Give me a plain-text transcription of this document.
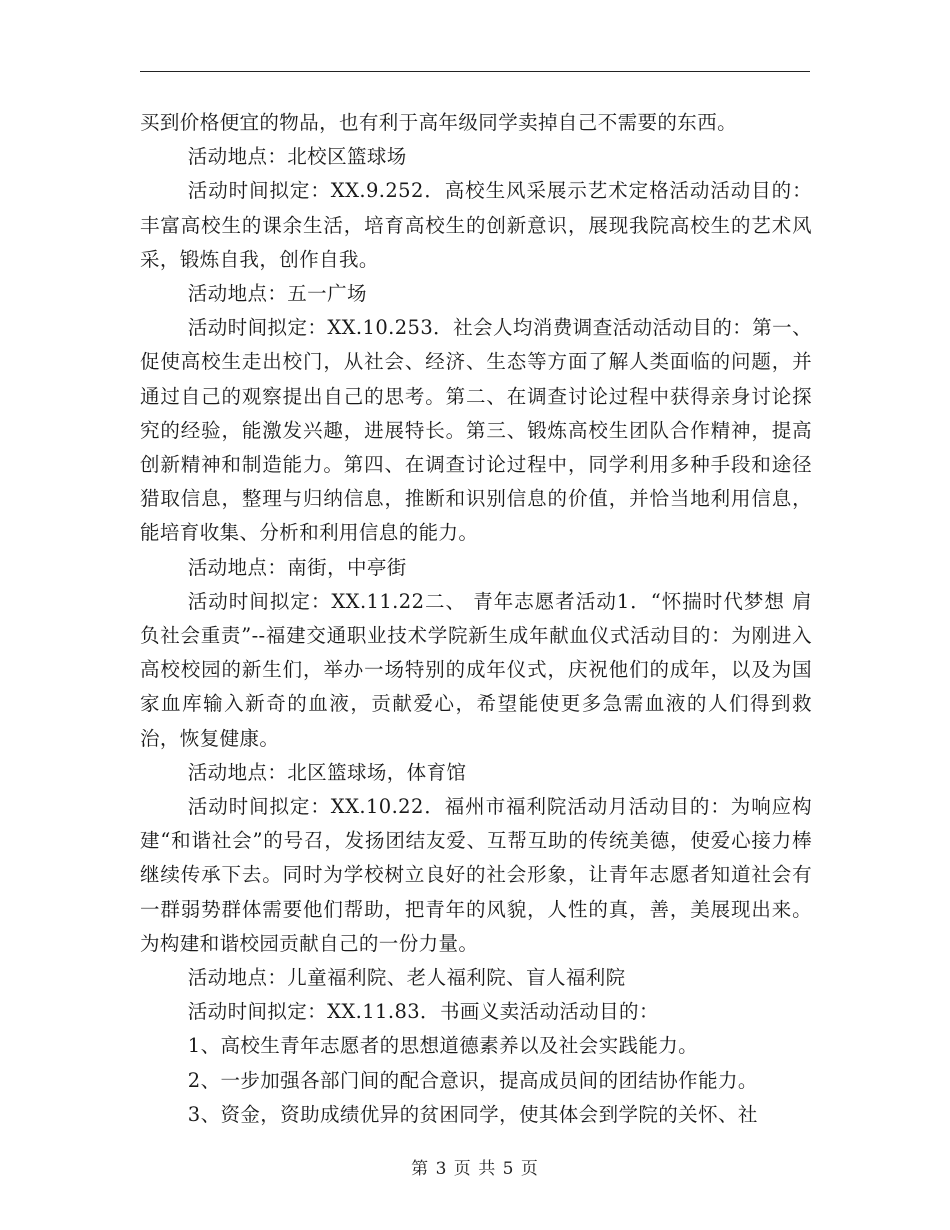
买到价格便宜的物品，也有利于高年级同学卖掉自己不需要的东西。

活动地点：北校区篮球场

活动时间拟定：XX.9.252．高校生风采展示艺术定格活动活动目的：丰富高校生的课余生活，培育高校生的创新意识，展现我院高校生的艺术风采，锻炼自我，创作自我。

活动地点：五一广场

活动时间拟定：XX.10.253．社会人均消费调查活动活动目的：第一、促使高校生走出校门，从社会、经济、生态等方面了解人类面临的问题，并通过自己的观察提出自己的思考。第二、在调查讨论过程中获得亲身讨论探究的经验，能激发兴趣，进展特长。第三、锻炼高校生团队合作精神，提高创新精神和制造能力。第四、在调查讨论过程中，同学利用多种手段和途径猎取信息，整理与归纳信息，推断和识别信息的价值，并恰当地利用信息，能培育收集、分析和利用信息的能力。

活动地点：南街，中亭街

活动时间拟定：XX.11.22二、 青年志愿者活动1．“怀揣时代梦想 肩负社会重责”--福建交通职业技术学院新生成年献血仪式活动目的：为刚进入高校校园的新生们，举办一场特别的成年仪式，庆祝他们的成年，以及为国家血库输入新奇的血液，贡献爱心，希望能使更多急需血液的人们得到救治，恢复健康。

活动地点：北区篮球场，体育馆

活动时间拟定：XX.10.22．福州市福利院活动月活动目的：为响应构建“和谐社会”的号召，发扬团结友爱、互帮互助的传统美德，使爱心接力棒继续传承下去。同时为学校树立良好的社会形象，让青年志愿者知道社会有一群弱势群体需要他们帮助，把青年的风貌，人性的真，善，美展现出来。为构建和谐校园贡献自己的一份力量。

活动地点：儿童福利院、老人福利院、盲人福利院

活动时间拟定：XX.11.83．书画义卖活动活动目的：

1、高校生青年志愿者的思想道德素养以及社会实践能力。

2、一步加强各部门间的配合意识，提高成员间的团结协作能力。

3、资金，资助成绩优异的贫困同学，使其体会到学院的关怀、社

第 3 页 共 5 页
